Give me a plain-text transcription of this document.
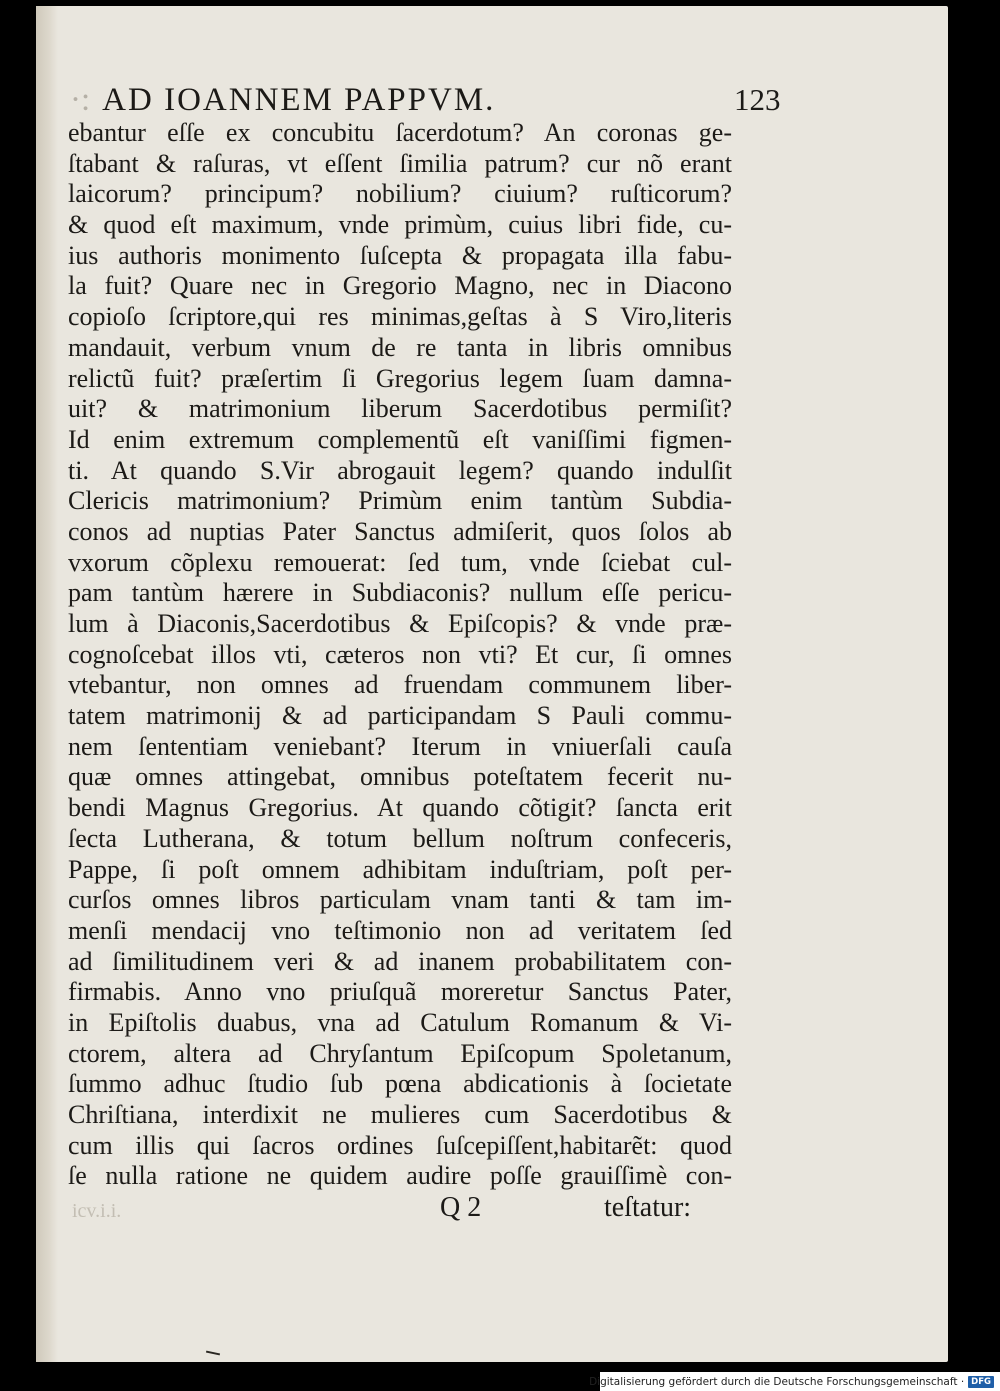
·: AD IOANNEM PAPPVM.	123
ebantur eſſe ex concubitu ſacerdotum? An coronas ge-
ſtabant & raſuras, vt eſſent ſimilia patrum? cur nõ erant
laicorum? principum? nobilium? ciuium? ruſticorum?
& quod eſt maximum, vnde primùm, cuius libri fide, cu-
ius authoris monimento ſuſcepta & propagata illa fabu-
la fuit? Quare nec in Gregorio Magno, nec in Diacono
copioſo ſcriptore,qui res minimas,geſtas à S Viro,literis
mandauit, verbum vnum de re tanta in libris omnibus
relictũ fuit? præſertim ſi Gregorius legem ſuam damna-
uit? & matrimonium liberum Sacerdotibus permiſit?
Id enim extremum complementũ eſt vaniſſimi figmen-
ti. At quando S.Vir abrogauit legem? quando indulſit
Clericis matrimonium? Primùm enim tantùm Subdia-
conos ad nuptias Pater Sanctus admiſerit, quos ſolos ab
vxorum cõplexu remouerat: ſed tum, vnde ſciebat cul-
pam tantùm hærere in Subdiaconis? nullum eſſe pericu-
lum à Diaconis,Sacerdotibus & Epiſcopis? & vnde præ-
cognoſcebat illos vti, cæteros non vti? Et cur, ſi omnes
vtebantur, non omnes ad fruendam communem liber-
tatem matrimonij & ad participandam S Pauli commu-
nem ſententiam veniebant? Iterum in vniuerſali cauſa
quæ omnes attingebat, omnibus poteſtatem fecerit nu-
bendi Magnus Gregorius. At quando cõtigit? ſancta erit
ſecta Lutherana, & totum bellum noſtrum confeceris,
Pappe, ſi poſt omnem adhibitam induſtriam, poſt per-
curſos omnes libros particulam vnam tanti & tam im-
menſi mendacij vno teſtimonio non ad veritatem ſed
ad ſimilitudinem veri & ad inanem probabilitatem con-
firmabis. Anno vno priuſquã moreretur Sanctus Pater,
in Epiſtolis duabus, vna ad Catulum Romanum & Vi-
ctorem, altera ad Chryſantum Epiſcopum Spoletanum,
ſummo adhuc ſtudio ſub pœna abdicationis à ſocietate
Chriſtiana, interdixit ne mulieres cum Sacerdotibus &
cum illis qui ſacros ordines ſuſcepiſſent,habitarẽt: quod
ſe nulla ratione ne quidem audire poſſe grauiſſimè con-
icv.i.i.	Q 2	teſtatur:
Digitalisierung gefördert durch die Deutsche Forschungsgemeinschaft · DFG
